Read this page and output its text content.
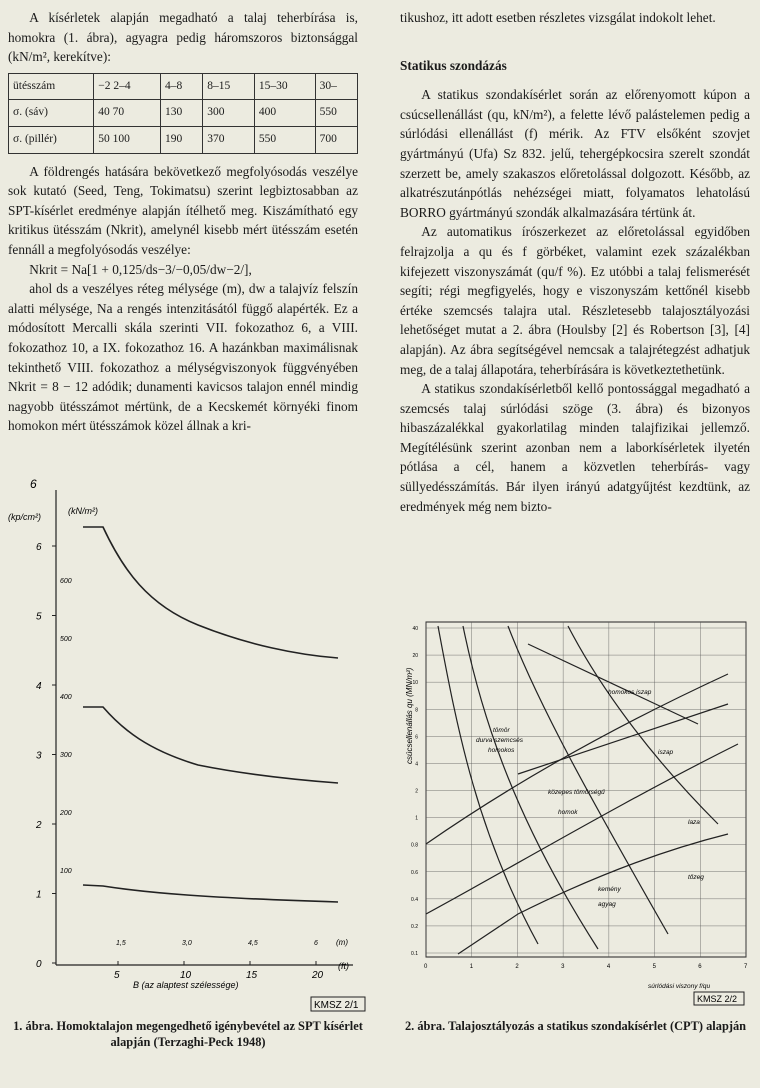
A kísérletek alapján megadható a talaj teherbírása is, homokra (1. ábra), agyagra pedig háromszoros biztonsággal (kN/m², kerekítve):

ütésszám	−2 2–4	4–8	8–15	15–30	30–
σ. (sáv)	40 70	130	300	400	550
σ. (pillér)	50 100	190	370	550	700

A földrengés hatására bekövetkező megfolyósodás veszélye sok kutató (Seed, Teng, Tokimatsu) szerint legbiztosabban az SPT-kísérlet eredménye alapján ítélhető meg. Kiszámítható egy kritikus ütésszám (Nkrit), amelynél kisebb mért ütésszám esetén fennáll a megfolyósodás veszélye:

Nkrit = Na[1 + 0,125/ds−3/−0,05/dw−2/],

ahol ds a veszélyes réteg mélysége (m), dw a talajvíz felszín alatti mélysége, Na a rengés intenzitásától függő alapérték. Ez a módosított Mercalli skála szerinti VII. fokozathoz 6, a VIII. fokozathoz 10, a IX. fokozathoz 16. A hazánkban maximálisnak tekinthető VIII. fokozathoz a mélységviszonyok függvényében Nkrit = 8 − 12 adódik; dunamenti kavicsos talajon ennél mindig nagyobb ütésszámot mértünk, de a Kecskemét környéki finom homokon mért ütésszámok közel állnak a kri-

tikushoz, itt adott esetben részletes vizsgálat indokolt lehet.

Statikus szondázás

A statikus szondakísérlet során az előrenyomott kúpon a csúcsellenállást (qu, kN/m²), a felette lévő palástelemen pedig a súrlódási ellenállást (f) mérik. Az FTV elsőként szovjet gyártmányú (Ufa) Sz 832. jelű, tehergépkocsira szerelt szondát szerzett be, amely szakaszos előretolással dolgozott. Később, az alkatrészutánpótlás nehézségei miatt, folyamatos lehatolású BORRO gyártmányú szondák alkalmazására tértünk át.

Az automatikus írószerkezet az előretolással egyidőben felrajzolja a qu és f görbéket, valamint ezek százalékban kifejezett viszonyszámát (qu/f %). Ez utóbbi a talaj felismerését segíti; régi megfigyelés, hogy e viszonyszám kettőnél kisebb értéke szemcsés talajra utal. Részletesebb talajosztályozási lehetőséget mutat a 2. ábra (Houlsby [2] és Robertson [3], [4] alapján). Az ábra segítségével nemcsak a talajrétegzést adhatjuk meg, de a talaj állapotára, teherbírására is következtethetünk.

A statikus szondakísérletből kellő pontossággal megadható a szemcsés talaj súrlódási szöge (3. ábra) és bizonyos hibaszázalékkal gyakorlatilag minden talajfizikai jellemző. Megítélésünk szerint azonban nem a laborkísérletek ilyetén pótlása a cél, hanem a közvetlen teherbírás- vagy süllyedésszámítás. Bár ilyen irányú adatgyűjtést kezdtünk, az eredmények még nem bizto-

6
(kp/cm²)
(kN/m²)
6
5
4
3
2
1
0
600
500
400
300
200
100
5	10	15	20
1,5	3,0	4,5	6
B (az alaptest szélessége)
(ft)
(m)
KMSZ 2/1
1. ábra. Homoktalajon megengedhető igénybevétel az SPT kísérlet alapján (Terzaghi-Peck 1948)
csúcsellenállás qu (MN/m²)
40
20
10
8
6
4
2
1
0.8
0.6
0.4
0.2
0.1
0	1	2	3	4	5	6	7
tömör
durva szemcsés
homokos
homok
közepes tömörségű
laza
homokos iszap
iszap
kemény
agyag
tőzeg
súrlódási viszony f/qu
KMSZ 2/2
2. ábra. Talajosztályozás a statikus szondakísérlet (CPT) alapján
